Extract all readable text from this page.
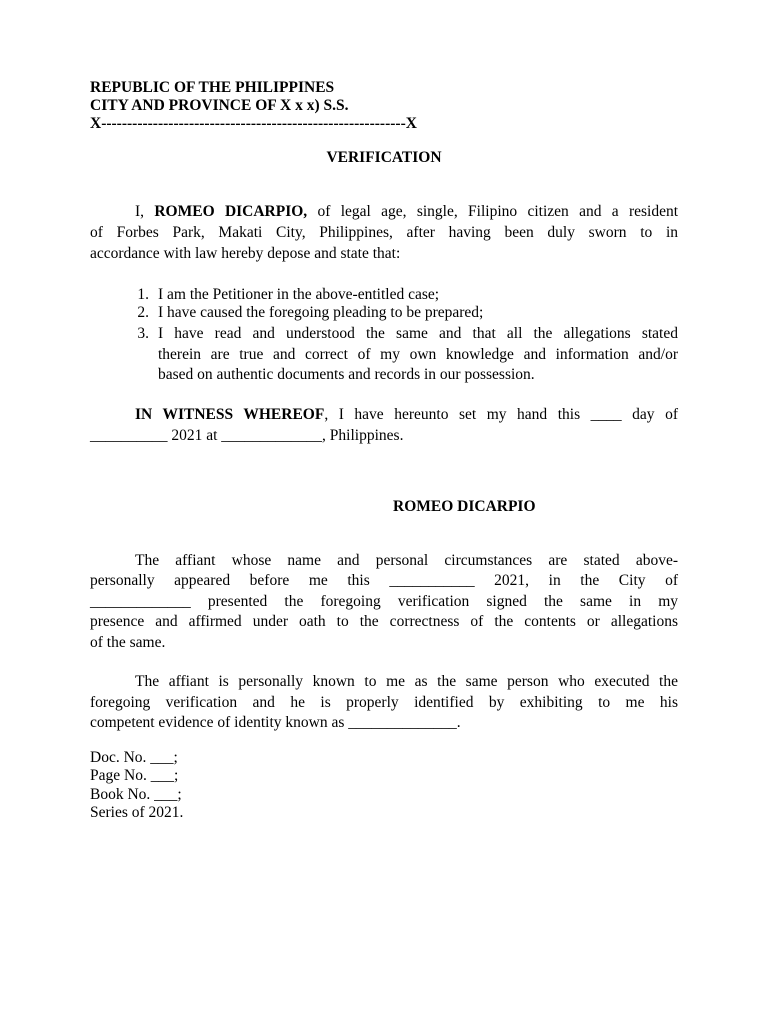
REPUBLIC OF THE PHILIPPINES
CITY AND PROVINCE OF X x x) S.S.
X-----------------------------------------------------------X
VERIFICATION
I, ROMEO DICARPIO, of legal age, single, Filipino citizen and a resident
of Forbes Park, Makati City, Philippines, after having been duly sworn to in
accordance with law hereby depose and state that:
1. I am the Petitioner in the above-entitled case;
2. I have caused the foregoing pleading to be prepared;
3. I have read and understood the same and that all the allegations stated
therein are true and correct of my own knowledge and information and/or
based on authentic documents and records in our possession.
IN WITNESS WHEREOF, I have hereunto set my hand this ____ day of
__________ 2021 at _____________, Philippines.
ROMEO DICARPIO
The affiant whose name and personal circumstances are stated above-
personally appeared before me this ___________ 2021, in the City of
_____________ presented the foregoing verification signed the same in my
presence and affirmed under oath to the correctness of the contents or allegations
of the same.
The affiant is personally known to me as the same person who executed the
foregoing verification and he is properly identified by exhibiting to me his
competent evidence of identity known as ______________.
Doc. No. ___;
Page No. ___;
Book No. ___;
Series of 2021.
